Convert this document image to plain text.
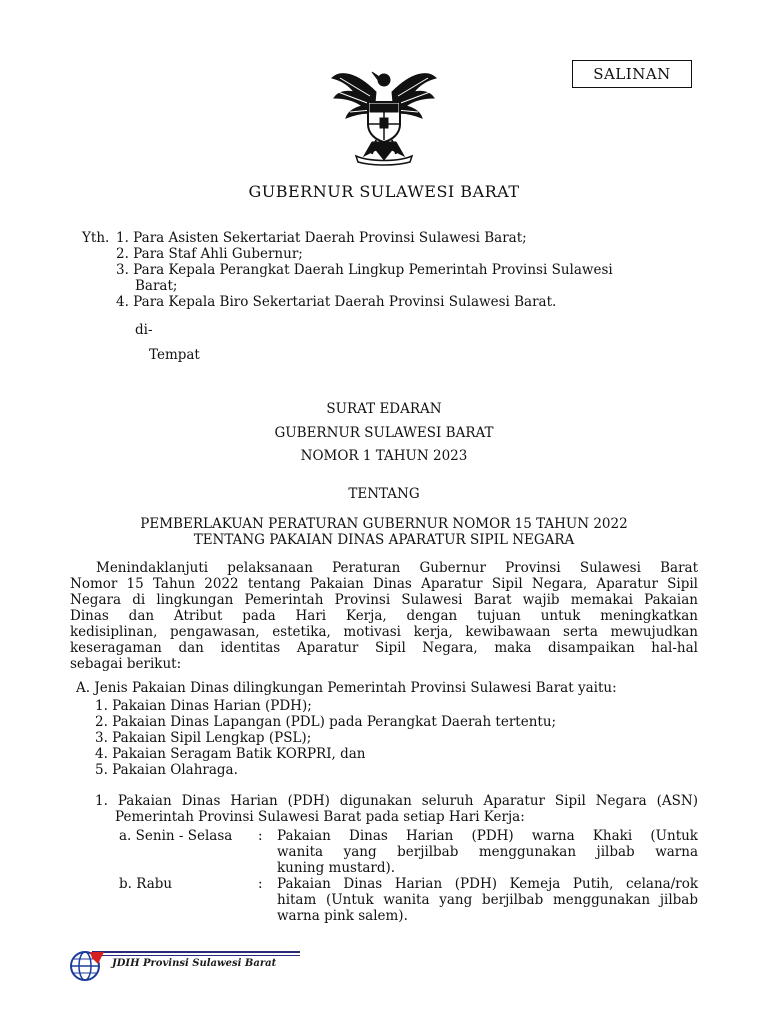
SALINAN
GUBERNUR SULAWESI BARAT
Yth. 1. Para Asisten Sekertariat Daerah Provinsi Sulawesi Barat;
2. Para Staf Ahli Gubernur;
3. Para Kepala Perangkat Daerah Lingkup Pemerintah Provinsi Sulawesi
Barat;
4. Para Kepala Biro Sekertariat Daerah Provinsi Sulawesi Barat.
di-
Tempat
SURAT EDARAN
GUBERNUR SULAWESI BARAT
NOMOR 1 TAHUN 2023
TENTANG
PEMBERLAKUAN PERATURAN GUBERNUR NOMOR 15 TAHUN 2022
TENTANG PAKAIAN DINAS APARATUR SIPIL NEGARA
Menindaklanjuti pelaksanaan Peraturan Gubernur Provinsi Sulawesi Barat
Nomor 15 Tahun 2022 tentang Pakaian Dinas Aparatur Sipil Negara, Aparatur Sipil
Negara di lingkungan Pemerintah Provinsi Sulawesi Barat wajib memakai Pakaian
Dinas dan Atribut pada Hari Kerja, dengan tujuan untuk meningkatkan
kedisiplinan, pengawasan, estetika, motivasi kerja, kewibawaan serta mewujudkan
keseragaman dan identitas Aparatur Sipil Negara, maka disampaikan hal-hal
sebagai berikut:
A. Jenis Pakaian Dinas dilingkungan Pemerintah Provinsi Sulawesi Barat yaitu:
1. Pakaian Dinas Harian (PDH);
2. Pakaian Dinas Lapangan (PDL) pada Perangkat Daerah tertentu;
3. Pakaian Sipil Lengkap (PSL);
4. Pakaian Seragam Batik KORPRI, dan
5. Pakaian Olahraga.
1. Pakaian Dinas Harian (PDH) digunakan seluruh Aparatur Sipil Negara (ASN)
Pemerintah Provinsi Sulawesi Barat pada setiap Hari Kerja:
a. Senin - Selasa : Pakaian Dinas Harian (PDH) warna Khaki (Untuk
wanita yang berjilbab menggunakan jilbab warna
kuning mustard).
b. Rabu	: Pakaian Dinas Harian (PDH) Kemeja Putih, celana/rok
hitam (Untuk wanita yang berjilbab menggunakan jilbab
warna pink salem).
JDIH Provinsi Sulawesi Barat
